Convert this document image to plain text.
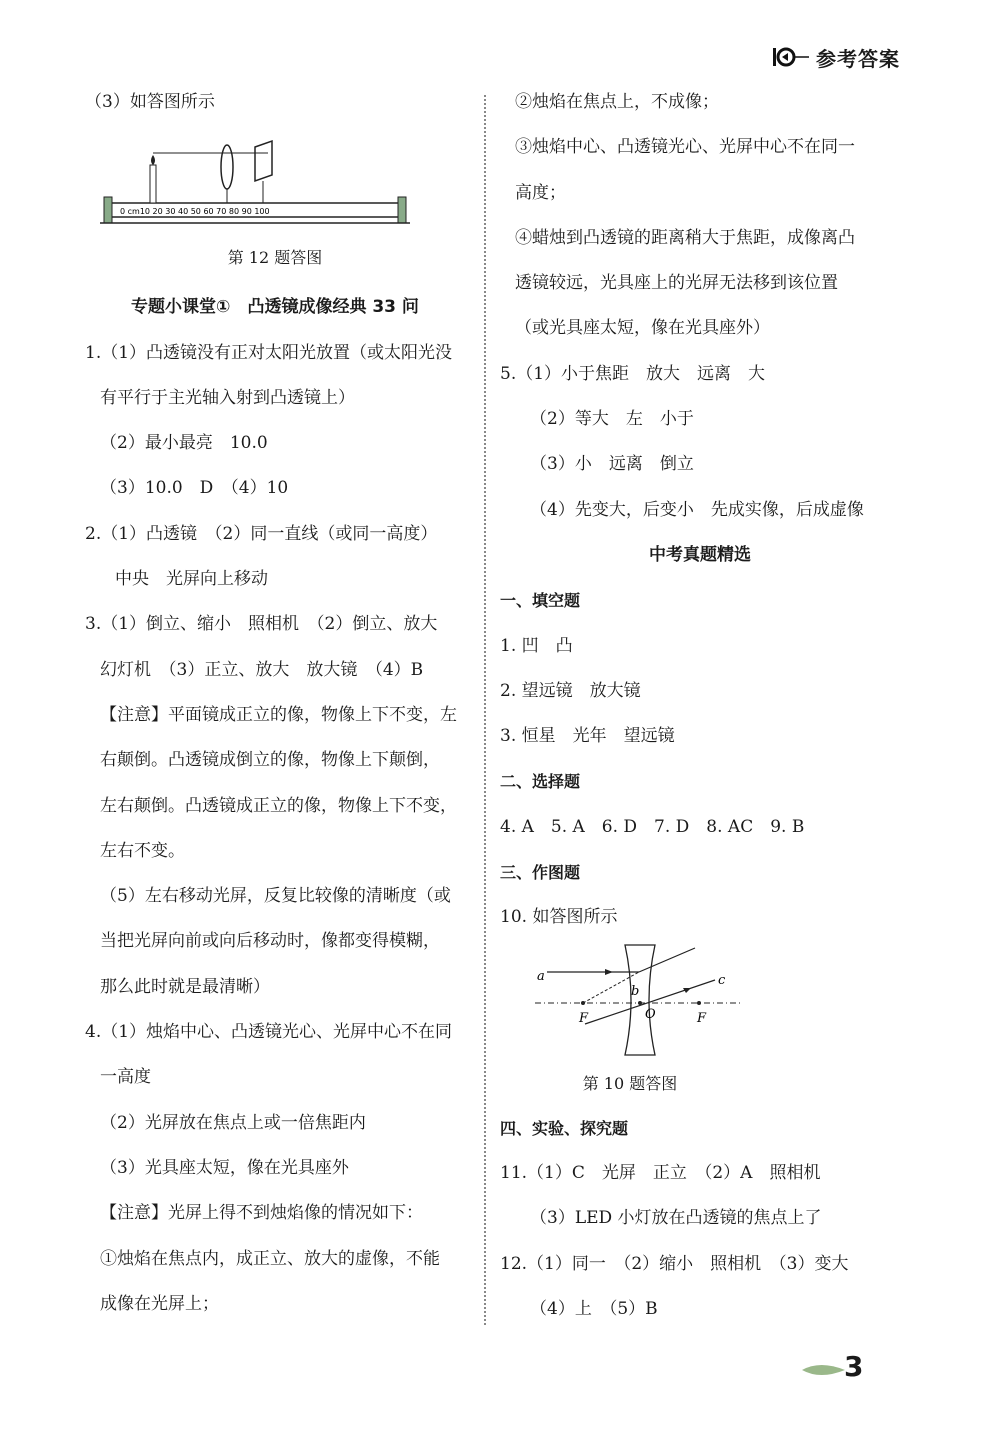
参考答案
（3）如答图所示
第 12 题答图
专题小课堂①　凸透镜成像经典 33 问
1.（1）凸透镜没有正对太阳光放置（或太阳光没
有平行于主光轴入射到凸透镜上）
（2）最小最亮　10.0
（3）10.0　D　（4）10
2.（1）凸透镜　（2）同一直线（或同一高度）
中央　光屏向上移动
3.（1）倒立、缩小　照相机　（2）倒立、放大
幻灯机　（3）正立、放大　放大镜　（4）B
【注意】平面镜成正立的像，物像上下不变，左
右颠倒。凸透镜成倒立的像，物像上下颠倒，
左右颠倒。凸透镜成正立的像，物像上下不变，
左右不变。
（5）左右移动光屏，反复比较像的清晰度（或
当把光屏向前或向后移动时，像都变得模糊，
那么此时就是最清晰）
4.（1）烛焰中心、凸透镜光心、光屏中心不在同
一高度
（2）光屏放在焦点上或一倍焦距内
（3）光具座太短，像在光具座外
【注意】光屏上得不到烛焰像的情况如下：
①烛焰在焦点内，成正立、放大的虚像，不能
成像在光屏上；
0 cm10 20 30 40 50 60 70 80 90 100
②烛焰在焦点上，不成像；
③烛焰中心、凸透镜光心、光屏中心不在同一
高度；
④蜡烛到凸透镜的距离稍大于焦距，成像离凸
透镜较远，光具座上的光屏无法移到该位置
（或光具座太短，像在光具座外）
5.（1）小于焦距　放大　远离　大
（2）等大　左　小于
（3）小　远离　倒立
（4）先变大，后变小　先成实像，后成虚像
中考真题精选
一、填空题
1. 凹　凸
2. 望远镜　放大镜
3. 恒星　光年　望远镜
二、选择题
4. A　5. A　6. D　7. D　8. AC　9. B
三、作图题
10. 如答图所示
第 10 题答图
四、实验、探究题
11.（1）C　光屏　正立　（2）A　照相机
（3）LED 小灯放在凸透镜的焦点上了
12.（1）同一　（2）缩小　照相机　（3）变大
（4）上　（5）B
a
b
c
F	O	F
3
